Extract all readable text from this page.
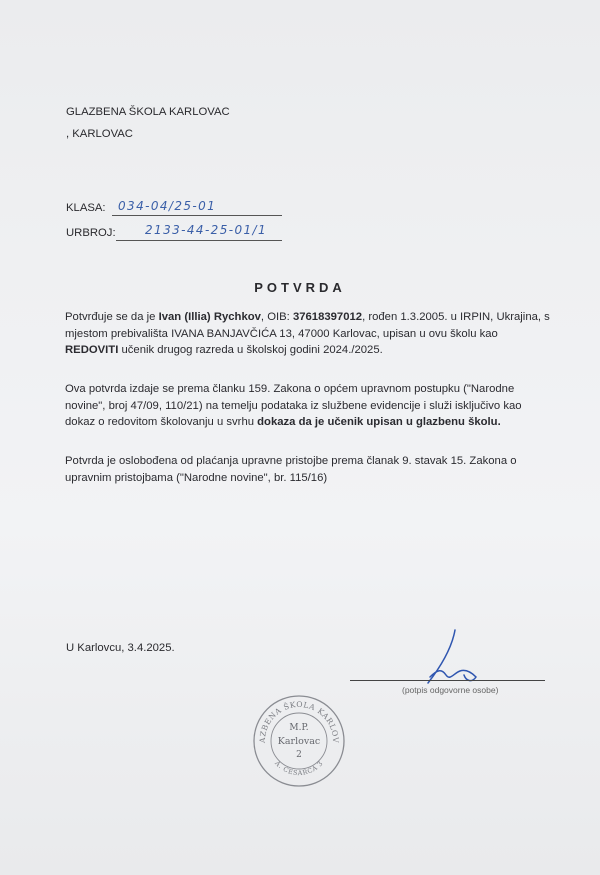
GLAZBENA ŠKOLA KARLOVAC
, KARLOVAC
KLASA: 034-04/25-01
URBROJ: 2133-44-25-01/1
POTVRDA
Potvrđuje se da je Ivan (Illia) Rychkov, OIB: 37618397012, rođen 1.3.2005. u IRPIN, Ukrajina, s
mjestom prebivališta IVANA BANJAVČIĆA 13, 47000 Karlovac, upisan u ovu školu kao
REDOVITI učenik drugog razreda u školskoj godini 2024./2025.
Ova potvrda izdaje se prema članku 159. Zakona o općem upravnom postupku ("Narodne
novine", broj 47/09, 110/21) na temelju podataka iz službene evidencije i služi isključivo kao
dokaz o redovitom školovanju u svrhu dokaza da je učenik upisan u glazbenu školu.
Potvrda je oslobođena od plaćanja upravne pristojbe prema članak 9. stavak 15. Zakona o
upravnim pristojbama ("Narodne novine", br. 115/16)
U Karlovcu, 3.4.2025.
(potpis odgovorne osobe)
AZBENA ŠKOLA KARLOV
A. CESARCA 3
M.P.
Karlovac
2
